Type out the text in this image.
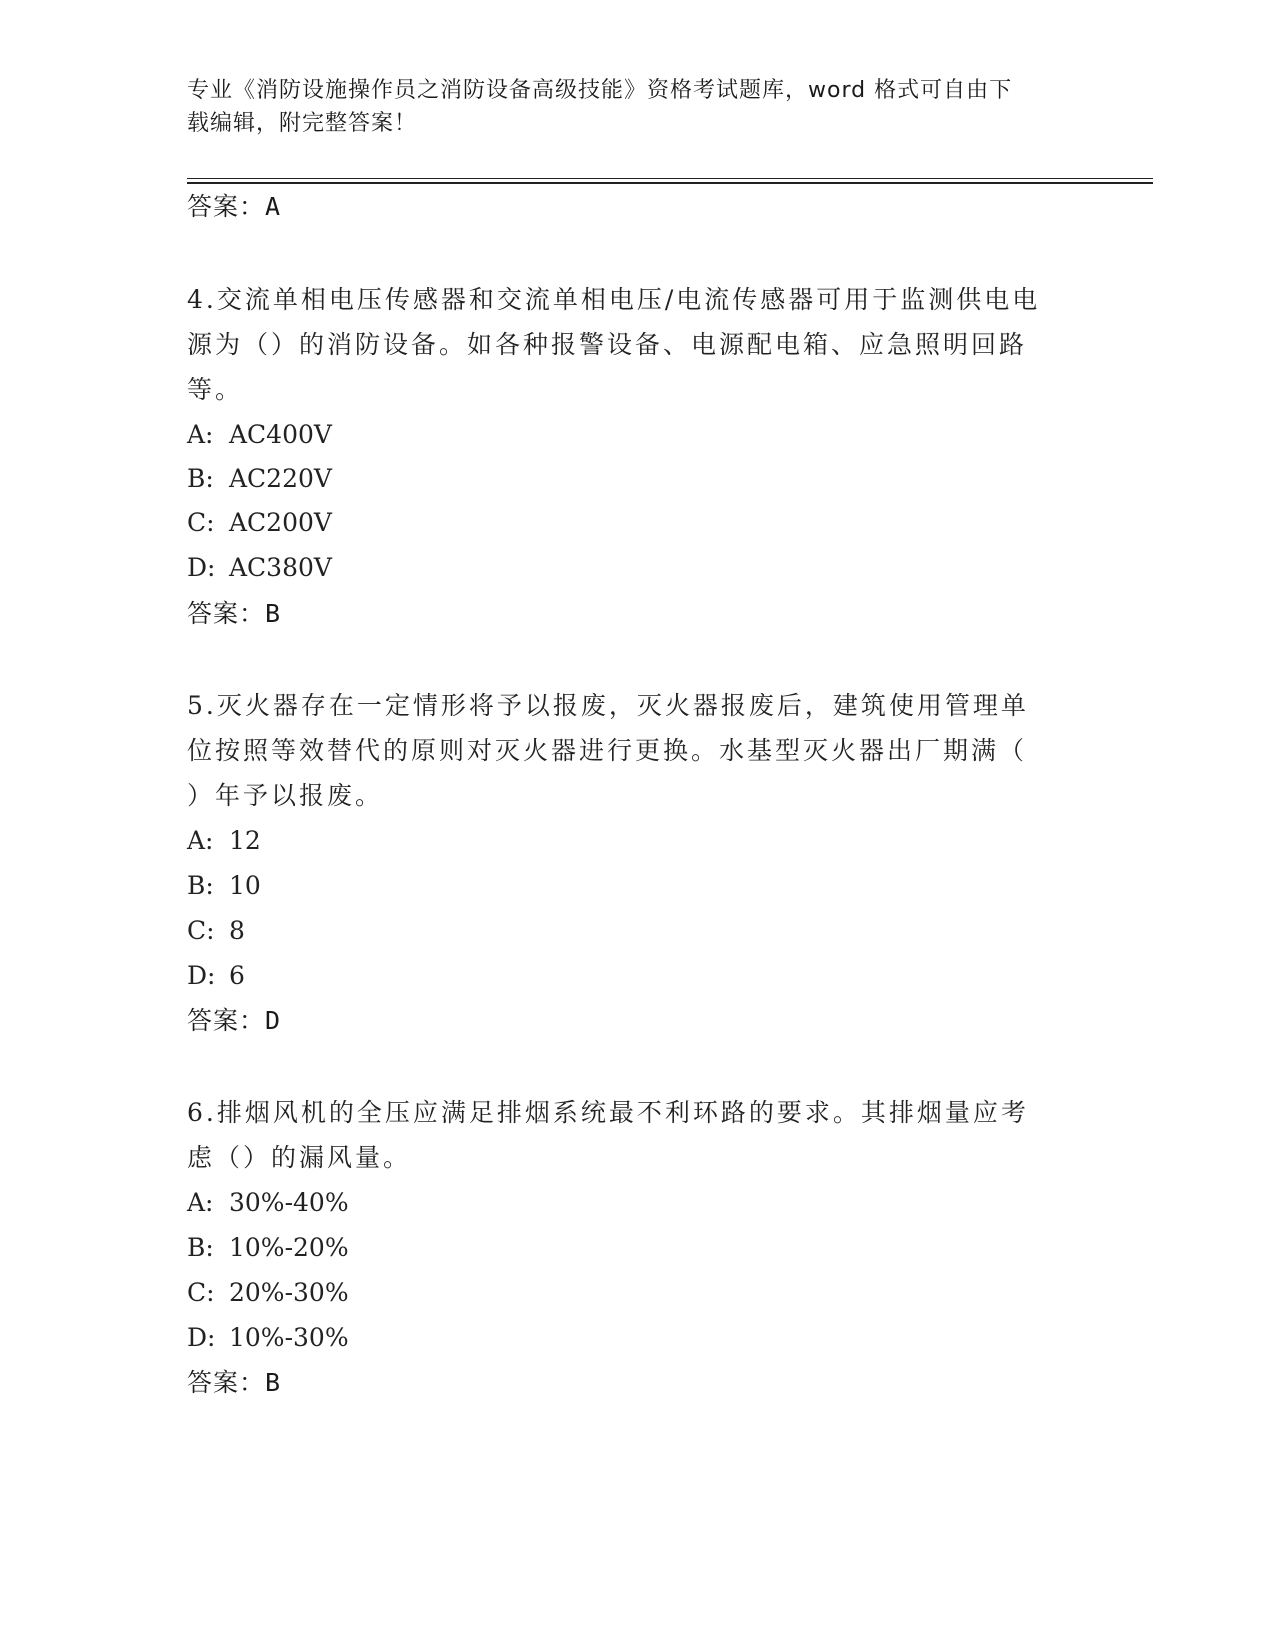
专业《消防设施操作员之消防设备高级技能》资格考试题库，word 格式可自由下
载编辑，附完整答案！
答案：A
4.交流单相电压传感器和交流单相电压/电流传感器可用于监测供电电
源为（）的消防设备。如各种报警设备、电源配电箱、应急照明回路
等。
A: AC400V
B: AC220V
C: AC200V
D: AC380V
答案：B
5.灭火器存在一定情形将予以报废，灭火器报废后，建筑使用管理单
位按照等效替代的原则对灭火器进行更换。水基型灭火器出厂期满（
）年予以报废。
A: 12
B: 10
C: 8
D: 6
答案：D
6.排烟风机的全压应满足排烟系统最不利环路的要求。其排烟量应考
虑（）的漏风量。
A: 30%-40%
B: 10%-20%
C: 20%-30%
D: 10%-30%
答案：B
